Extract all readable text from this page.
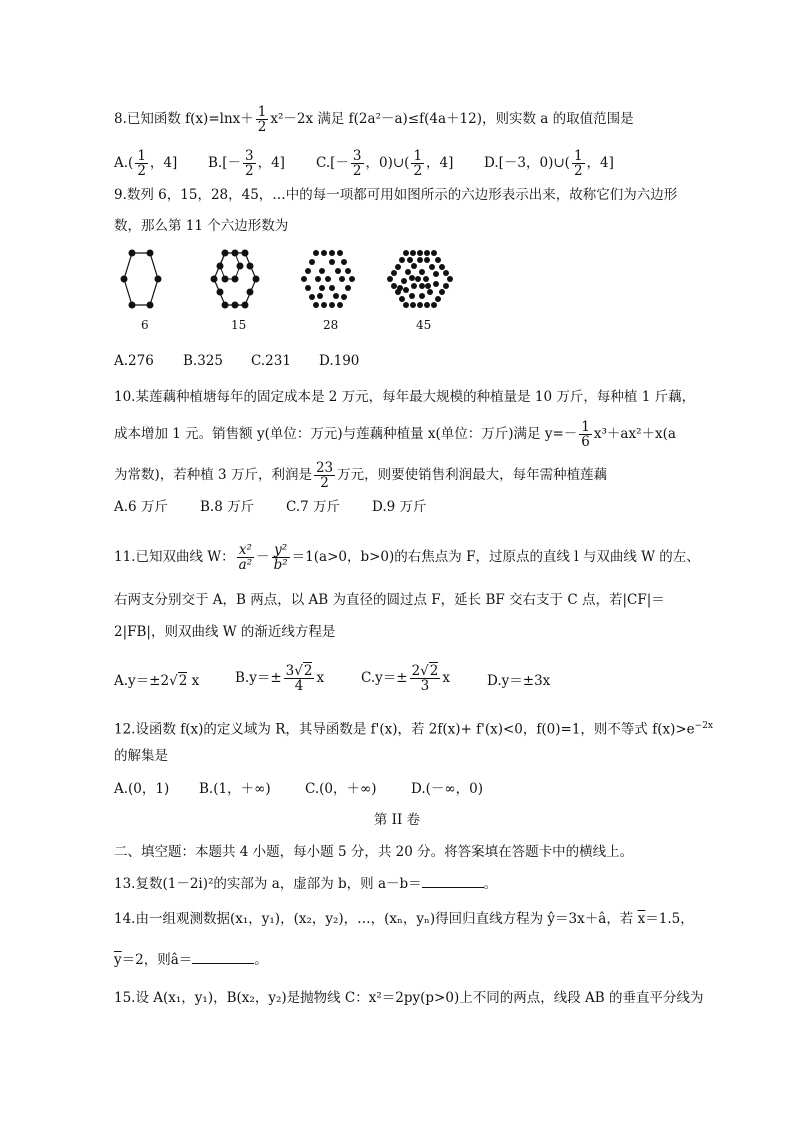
8.已知函数 $f(x)=\ln x+ \frac{1}{2} x^2-2x$ 满足 f(2a²－a)≤f(4a＋12)，则实数 a 的取值范围是
$A.( \frac{1}{2}$ ，4] $B.[- \frac{3}{2}$ ，4] $C.[- \frac{3}{2}$ ，0)∪( $\frac{1}{2}$ ，4] D.[－3，0)∪( $\frac{1}{2}$ ，4]
9.数列 6，15，28，45，…中的每一项都可用如图所示的六边形表示出来，故称它们为六边形
数，那么第 11 个六边形数为
6	15	28	45
A.276 B.325 C.231 D.190
10.某莲藕种植塘每年的固定成本是 2 万元，每年最大规模的种植量是 10 万斤，每种植 1 斤藕，
成本增加 1 元。销售额 y(单位：万元)与莲藕种植量 x(单位：万斤)满足 $y=- \frac{1}{6} x^3+ax^2+x(a$
为常数)，若种植 3 万斤，利润是 $\frac{23}{2}$ 万元，则要使销售利润最大，每年需种植莲藕
A.6 万斤 B.8 万斤 C.7 万斤 D.9 万斤
11.已知双曲线 W： $\frac{\text{x²}}{\text{a²}} - \frac{\text{y²}}{\text{b²}} =1(a>0$，b>0)的右焦点为 F，过原点的直线 l 与双曲线 W 的左、
右两支分别交于 A，B 两点，以 AB 为直径的圆过点 F，延长 BF 交右支于 C 点，若|CF|＝
2|FB|，则双曲线 W 的渐近线方程是
A.y＝±2√2 x	$B.y=\pm \frac{3√2}{4}$ x	$C.y=\pm \frac{2√2}{3}$ x	D.y＝±3x
12.设函数 f(x)的定义域为 R，其导函数是 f'(x)，若 2f(x)+ f'(x)<0，f(0)=1，则不等式 $f(x)>e^{-2x}$
的解集是
A.(0，1) B.(1，＋∞)	C.(0，＋∞)	D.(－∞，0)
第 II 卷
二、填空题：本题共 4 小题，每小题 5 分，共 20 分。将答案填在答题卡中的横线上。
13.复数(1－2i)²的实部为 a，虚部为 b，则 a－b＝	。
14.由一组观测数据(x₁，y₁)，(x₂，y₂)，…，(xₙ，yₙ)得回归直线方程为 ŷ＝3x＋â，若 $\overline{x}=1.5$，
$\overline{y}=2$，则â＝	。
15.设 A(x₁，y₁)，B(x₂，y₂)是抛物线 C：x²＝2py(p>0)上不同的两点，线段 AB 的垂直平分线为
